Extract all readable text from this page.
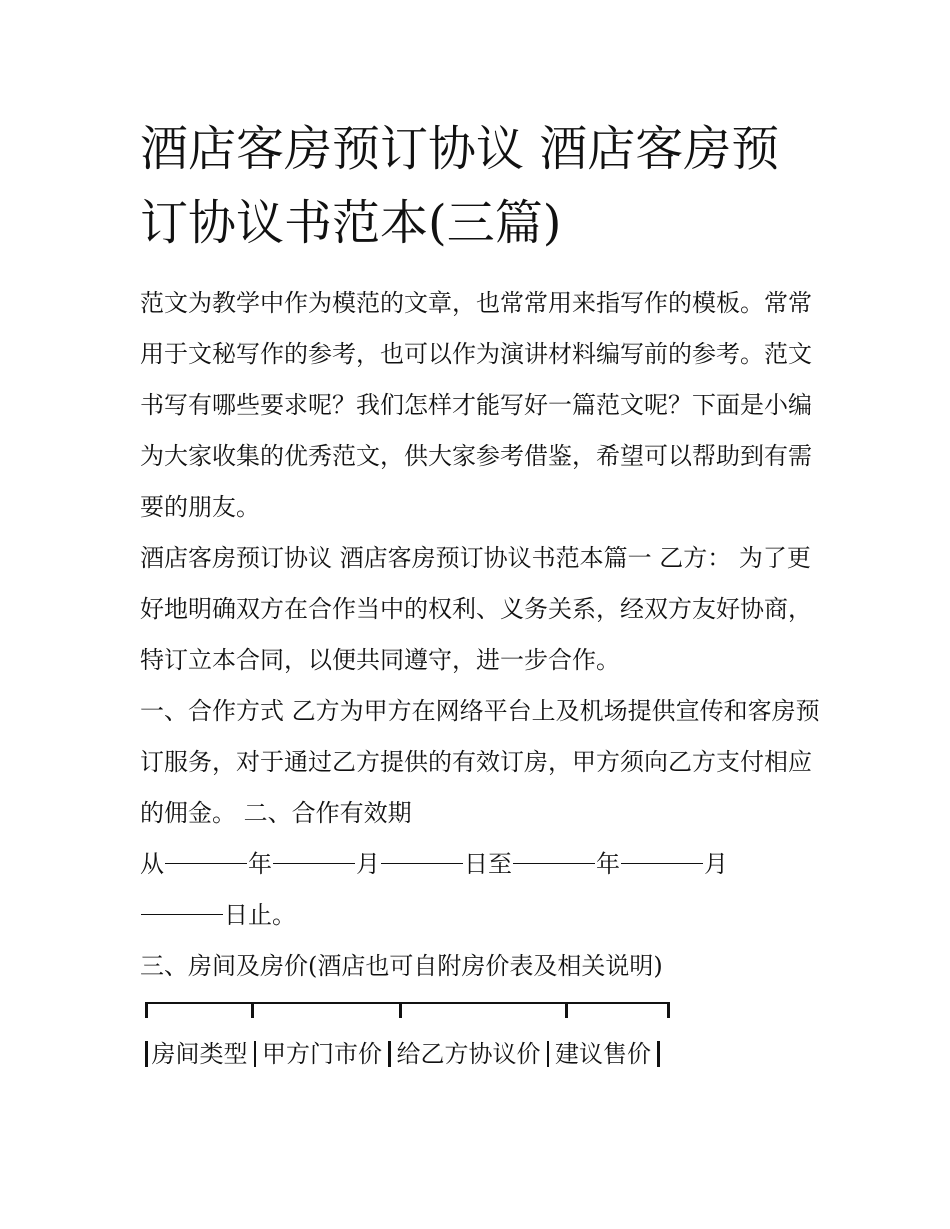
酒店客房预订协议 酒店客房预订协议书范本(三篇)

范文为教学中作为模范的文章，也常常用来指写作的模板。常常用于文秘写作的参考，也可以作为演讲材料编写前的参考。范文书写有哪些要求呢？我们怎样才能写好一篇范文呢？下面是小编为大家收集的优秀范文，供大家参考借鉴，希望可以帮助到有需要的朋友。

酒店客房预订协议 酒店客房预订协议书范本篇一 乙方： 为了更好地明确双方在合作当中的权利、义务关系，经双方友好协商，特订立本合同，以便共同遵守，进一步合作。

一、合作方式 乙方为甲方在网络平台上及机场提供宣传和客房预订服务，对于通过乙方提供的有效订房，甲方须向乙方支付相应的佣金。 二、合作有效期

从	年	月	日至	年	月

日止。

三、房间及房价(酒店也可自附房价表及相关说明)

房间类型 甲方门市价 给乙方协议价 建议售价
